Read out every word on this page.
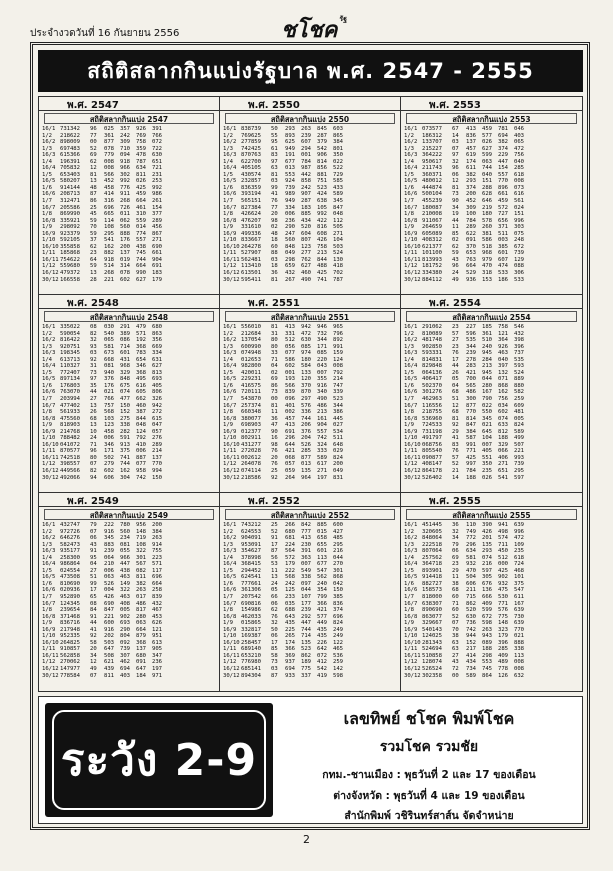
ประจำงวดวันที่ 16 กันยายน 2556	ชโชค รัฐ
สถิติสลากกินแบ่งรัฐบาล พ.ศ. 2547 - 2555
พ.ศ. 2547
สถิติสลากกินแบ่ง 2547
16/1 731342	96	025	357	926	391
1/2	218622	77	361	242	769	766
16/2 898009	00	877	309	758	072
1/3	697483	52	078	710	359	722
16/3 615366	69	779	094	478	630
1/4	196391	62	008	918	787	651
16/4 705832	12	008	966	634	721
1/5	653403	81	566	302	811	231
16/5 580207	13	452	992	026	253
1/6	914144	48	458	776	425	992
16/6 208713	87	414	911	459	986
1/7	312471	86	316	268	664	261
16/7 205586	25	696	726	461	154
1/8	869990	45	665	011	310	377
16/8 335921	59	114	062	559	289
1/9	298092	70	108	560	014	456
16/9 923379	59	295	888	774	867
1/10 592105	37	541	176	557	271
16/10 355858	62	162	200	438	690
1/11 185868	23	882	137	745	661
16/11 754622	64	918	019	744	904
1/12 559680	59	514	314	664	691
16/12 479372	13	268	078	990	183
30/12 166558	28	221	602	627	179
พ.ศ. 2550
สถิติสลากกินแบ่ง 2550
16/1 838739	50	293	263	845	603
1/2	769625	55	893	239	287	865
16/2 277859	95	625	607	379	384
1/3	742425	61	949	294	542	801
16/3 870763	83	191	001	906	350
1/4	622700	97	677	784	814	022
16/4 405105	63	013	987	856	522
1/5	430574	81	553	442	881	729
16/5 232857	03	924	858	751	585
1/6	836359	99	739	242	523	433
16/6 393194	41	989	907	424	589
1/7	565151	76	949	287	638	345
16/7 827384	77	334	183	105	847
1/8	426624	20	006	885	992	048
16/8 476207	98	236	434	422	112
1/9	331610	02	290	520	816	505
16/9 499336	48	247	604	608	271
1/10 833667	18	560	807	426	104
16/10 264278	60	848	123	758	503
1/11 527907	88	049	277	213	524
16/11 562481	03	298	762	844	130
1/12 113410	18	659	627	488	418
16/12 613501	36	432	460	425	702
30/12 595411	81	267	490	741	787
พ.ศ. 2553
สถิติสลากกินแบ่ง 2553
16/1 073577	67	413	459	781	046
1/2	186312	14	836	577	694	403
16/2 133707	03	137	026	382	065
1/3	215227	07	457	627	374	472
16/3 364222	97	619	599	229	756
1/4	950617	32	174	063	447	040
16/4 211743	96	611	744	154	285
1/5	360371	06	382	040	557	618
16/5 480012	12	293	151	770	008
1/6	444874	81	374	288	896	073
16/6 500104	73	200	628	661	616
1/7	455239	90	452	646	459	561
16/7 180087	34	309	219	572	024
1/8	210008	19	100	180	727	151
16/8 911067	44	784	578	656	996
1/9	264659	11	289	260	371	303
16/9 605089	85	622	381	511	075
1/10 408312	02	091	586	003	248
16/10 621377	62	370	518	385	672
1/11 101100	59	653	968	601	739
16/11 813993	43	763	979	607	129
1/12 181752	96	664	470	474	088
16/12 334380	24	529	318	533	306
30/12 884112	49	936	153	186	533
พ.ศ. 2548
สถิติสลากกินแบ่ง 2548
16/1 335022	08	030	291	479	680
1/2	590054	82	540	389	571	863
16/2 816422	32	065	086	192	356
1/3	920751	93	581	714	368	669
16/3 198345	03	673	601	783	334
1/4	613713	92	668	431	654	631
16/4 110327	31	081	968	346	627
1/5	772407	73	940	329	368	813
16/5 897134	97	376	848	495	693
1/6	176803	35	176	675	616	405
16/6 763070	44	021	074	605	806
1/7	203994	27	766	477	662	326
16/7 477402	13	757	150	460	942
1/8	561933	26	568	152	387	272
16/8 475560	68	103	275	844	615
1/9	818903	13	123	338	048	047
16/9 214768	10	458	282	124	057
1/10 788482	24	006	591	792	276
16/10 041072	71	346	913	410	289
1/11 870577	96	171	375	006	214
16/11 742518	80	502	741	887	137
1/12 398557	07	279	744	077	770
16/12 449566	82	602	162	958	994
30/12 492066	94	606	304	742	150
พ.ศ. 2551
สถิติสลากกินแบ่ง 2551
16/1 556010	81	413	942	946	965
1/2	212684	31	331	472	732	796
16/2 137054	80	512	630	344	892
1/3	600990	80	056	085	171	991
16/3 074948	33	077	974	085	159
1/4	012653	71	586	180	220	124
16/4 982800	04	602	584	043	008
1/5	420011	02	001	133	007	792
16/5 229231	69	193	120	355	214
1/6	416575	86	566	370	916	747
16/6 720111	73	839	870	340	339
1/7	543870	00	096	297	490	523
16/7 257374	81	401	576	486	344
1/8	660348	11	002	336	213	386
16/8 380077	36	457	744	161	445
1/9	698903	47	413	206	904	027
16/9 012377	90	691	376	557	534
1/10 802911	16	296	204	742	511
16/10 431277	98	644	526	324	648
1/11 272028	76	421	285	333	029
16/11 002612	20	068	877	589	824
1/12 264078	76	057	013	617	200
16/12 074114	25	059	135	271	049
30/12 218586	92	264	964	197	831
พ.ศ. 2554
สถิติสลากกินแบ่ง 2554
16/1 291062	23	227	185	758	546
1/2	810089	57	596	361	121	432
16/2 481748	27	535	510	364	398
1/3	902850	23	344	240	926	396
16/3 593331	76	239	945	463	737
1/4	814831	17	278	284	040	535
16/4 829848	44	283	213	397	593
1/5	064136	26	421	945	132	524
16/5 406417	05	700	044	071	889
1/6	502370	04	565	280	868	880
16/6 301276	68	486	167	162	582
1/7	462963	51	300	790	756	259
16/7 116556	12	877	022	034	609
1/8	218755	68	770	550	602	481
16/8 536960	81	814	345	074	005
1/9	724533	92	847	021	633	824
16/9 731198	29	384	645	812	589
1/10 491797	41	587	104	188	499
16/10 068756	83	991	007	329	507
1/11 805540	76	771	405	066	221
16/11 090877	57	425	551	406	993
1/12 408147	52	997	350	271	739
16/12 864178	21	784	235	651	295
30/12 526402	14	188	026	541	597
พ.ศ. 2549
สถิติสลากกินแบ่ง 2549
16/1 432747	79	222	780	956	200
1/2	972726	07	916	560	148	384
16/2 646276	06	345	234	719	263
1/3	582473	43	883	081	108	914
16/3 935177	91	239	055	322	755
1/4	258300	95	064	966	301	223
16/4 986864	04	210	447	567	571
1/5	024554	27	006	438	082	117
16/5 473508	51	063	463	811	696
1/6	810690	99	526	149	382	664
16/6 020936	17	004	322	263	258
1/7	952890	65	426	463	017	839
16/7 124345	08	690	408	486	432
1/8	239654	84	847	005	817	467
16/8 371468	91	221	902	280	453
1/9	836716	44	600	693	063	626
16/9 217948	41	916	290	664	121
1/10 952335	92	202	804	879	951
16/10 264825	58	503	092	368	613
1/11 910857	20	647	739	137	905
16/11 562858	34	508	307	680	347
1/12 270062	12	621	462	091	236
16/12 147977	49	439	694	647	197
30/12 778584	07	811	403	184	971
พ.ศ. 2552
สถิติสลากกินแบ่ง 2552
16/1 743212	25	266	842	885	600
1/2	624553	52	680	777	015	427
16/2 904091	91	681	413	658	485
1/3	953091	17	224	230	655	295
16/3 354627	87	564	391	601	216
1/4	378998	56	572	363	113	044
16/4 368415	53	179	007	677	270
1/5	294452	11	222	549	547	301
16/5 624541	13	568	338	562	868
1/6	777661	24	242	097	240	042
16/6 361306	05	125	044	354	150
1/7	207542	66	233	107	799	385
16/7 690816	06	035	177	366	836
1/8	154986	62	688	239	421	374
16/8 462033	76	643	292	577	696
1/9	015865	32	435	447	449	824
16/9 332817	50	225	744	435	249
1/10 169387	06	265	714	435	249
16/10 258457	17	174	135	226	122
1/11 689140	85	366	523	642	465
16/11 653210	58	369	862	072	536
1/12 776980	73	937	189	412	259
16/12 685141	03	694	775	542	142
30/12 894304	87	933	337	419	598
พ.ศ. 2555
สถิติสลากกินแบ่ง 2555
16/1 451445	36	110	390	941	639
1/2	320605	32	749	426	498	996
16/2 848064	34	772	201	574	472
1/3	222518	79	296	135	711	109
16/3 807064	06	634	293	450	235
1/4	257562	69	581	074	512	618
16/4 364718	23	932	216	000	724
1/5	893901	29	470	597	425	468
16/5 914418	11	504	305	902	101
1/6	882727	38	606	676	932	375
16/6 158573	68	211	136	475	547
1/7	818000	60	715	666	530	611
16/7 638307	71	862	409	771	167
1/8	890690	60	520	599	576	639
16/8 863077	52	630	672	775	730
1/9	329667	07	736	598	148	639
16/9 540143	70	742	263	323	770
1/10 124025	38	944	943	179	021
16/10 281343	63	152	089	396	888
1/11 524694	63	217	188	285	338
16/11 510858	27	414	298	409	113
1/12 128074	43	434	553	489	008
16/12 526524	72	734	745	778	008
30/12 302358	00	589	864	126	632
ระวัง 2-9
เลขทิพย์ ชโชค พิมพ์โชค
รวมโชค รวมชัย
กทม.-ชานเมือง : พุธวันที่ 2 และ 17 ของเดือน
ต่างจังหวัด : พุธวันที่ 4 และ 19 ของเดือน
สำนักพิมพ์ วชิรินทร์สาส์น จัดจำหน่าย
2
